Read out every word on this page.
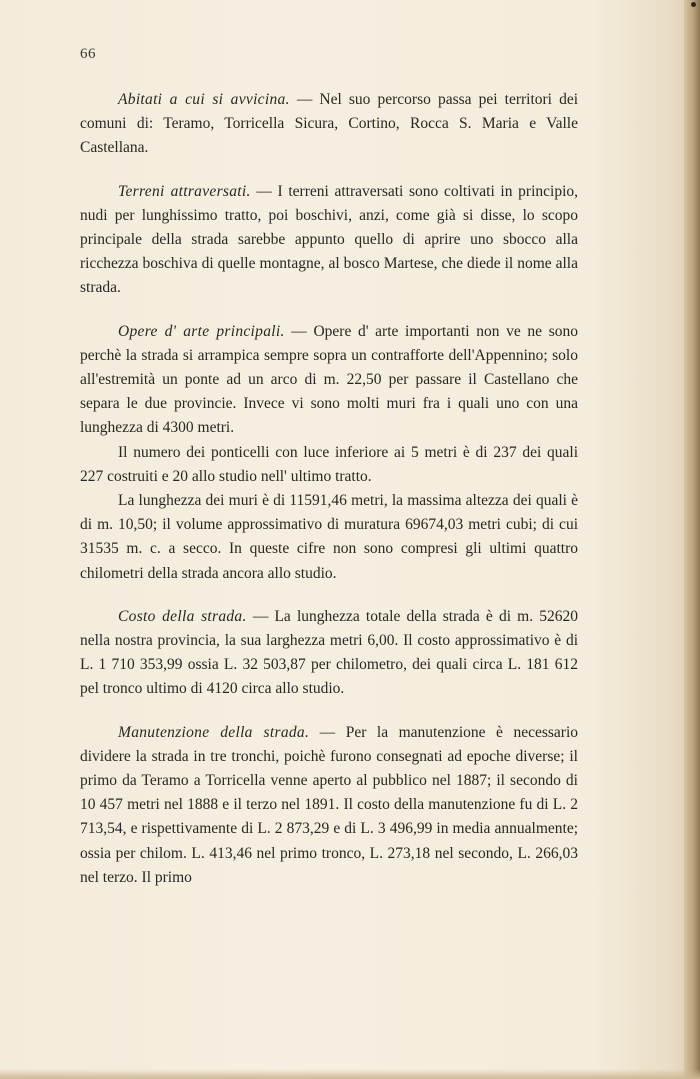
66

Abitati a cui si avvicina. — Nel suo percorso passa pei territori dei comuni di: Teramo, Torricella Sicura, Cortino, Rocca S. Maria e Valle Castellana.

Terreni attraversati. — I terreni attraversati sono coltivati in principio, nudi per lunghissimo tratto, poi boschivi, anzi, come già si disse, lo scopo principale della strada sarebbe appunto quello di aprire uno sbocco alla ricchezza boschiva di quelle montagne, al bosco Martese, che diede il nome alla strada.

Opere d' arte principali. — Opere d' arte importanti non ve ne sono perchè la strada si arrampica sempre sopra un contrafforte dell'Appennino; solo all'estremità un ponte ad un arco di m. 22,50 per passare il Castellano che separa le due provincie. Invece vi sono molti muri fra i quali uno con una lunghezza di 4300 metri.

Il numero dei ponticelli con luce inferiore ai 5 metri è di 237 dei quali 227 costruiti e 20 allo studio nell' ultimo tratto.

La lunghezza dei muri è di 11591,46 metri, la massima altezza dei quali è di m. 10,50; il volume approssimativo di muratura 69674,03 metri cubi; di cui 31535 m. c. a secco. In queste cifre non sono compresi gli ultimi quattro chilometri della strada ancora allo studio.

Costo della strada. — La lunghezza totale della strada è di m. 52620 nella nostra provincia, la sua larghezza metri 6,00. Il costo approssimativo è di L. 1 710 353,99 ossia L. 32 503,87 per chilometro, dei quali circa L. 181 612 pel tronco ultimo di 4120 circa allo studio.

Manutenzione della strada. — Per la manutenzione è necessario dividere la strada in tre tronchi, poichè furono consegnati ad epoche diverse; il primo da Teramo a Torricella venne aperto al pubblico nel 1887; il secondo di 10 457 metri nel 1888 e il terzo nel 1891. Il costo della manutenzione fu di L. 2 713,54, e rispettivamente di L. 2 873,29 e di L. 3 496,99 in media annualmente; ossia per chilom. L. 413,46 nel primo tronco, L. 273,18 nel secondo, L. 266,03 nel terzo. Il primo
